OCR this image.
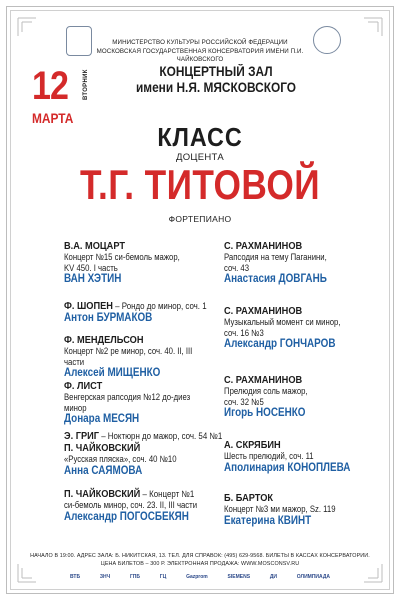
МИНИСТЕРСТВО КУЛЬТУРЫ РОССИЙСКОЙ ФЕДЕРАЦИИ
МОСКОВСКАЯ ГОСУДАРСТВЕННАЯ КОНСЕРВАТОРИЯ ИМЕНИ П.И. ЧАЙКОВСКОГО
12 ВТОРНИК
МАРТА
КОНЦЕРТНЫЙ ЗАЛ
имени Н.Я. МЯСКОВСКОГО
КЛАСС
ДОЦЕНТА
Т.Г. ТИТОВОЙ
ФОРТЕПИАНО
В.А. МОЦАРТ
Концерт №15 си-бемоль мажор,
KV 450. I часть
ВАН ХЭТИН
Ф. ШОПЕН – Рондо до минор, соч. 1
Антон БУРМАКОВ
Ф. МЕНДЕЛЬСОН
Концерт №2 ре минор, соч. 40. II, III части
Алексей МИЩЕНКО
Ф. ЛИСТ
Венгерская рапсодия №12 до-диез минор
Донара МЕСЯН
Э. ГРИГ – Ноктюрн до мажор, соч. 54 №1
П. ЧАЙКОВСКИЙ
«Русская пляска», соч. 40 №10
Анна САЯМОВА
П. ЧАЙКОВСКИЙ – Концерт №1
си-бемоль минор, соч. 23. II, III части
Александр ПОГОСБЕКЯН
С. РАХМАНИНОВ
Рапсодия на тему Паганини,
соч. 43
Анастасия ДОВГАНЬ
С. РАХМАНИНОВ
Музыкальный момент си минор,
соч. 16 №3
Александр ГОНЧАРОВ
С. РАХМАНИНОВ
Прелюдия соль мажор,
соч. 32 №5
Игорь НОСЕНКО
А. СКРЯБИН
Шесть прелюдий, соч. 11
Аполинария КОНОПЛЕВА
Б. БАРТОК
Концерт №3 ми мажор, Sz. 119
Екатерина КВИНТ
НАЧАЛО В 19:00. АДРЕС ЗАЛА: Б. НИКИТСКАЯ, 13. ТЕЛ. ДЛЯ СПРАВОК: (495) 629-9568. БИЛЕТЫ В КАССАХ КОНСЕРВАТОРИИ.
ЦЕНА БИЛЕТОВ – 300 Р. ЭЛЕКТРОННАЯ ПРОДАЖА: WWW.MOSCONSV.RU
ВТБ	ЗНЧ	ГПБ	ГЦ	Gazprom	SIEMENS	ДИ	ОЛИМПИАДА
